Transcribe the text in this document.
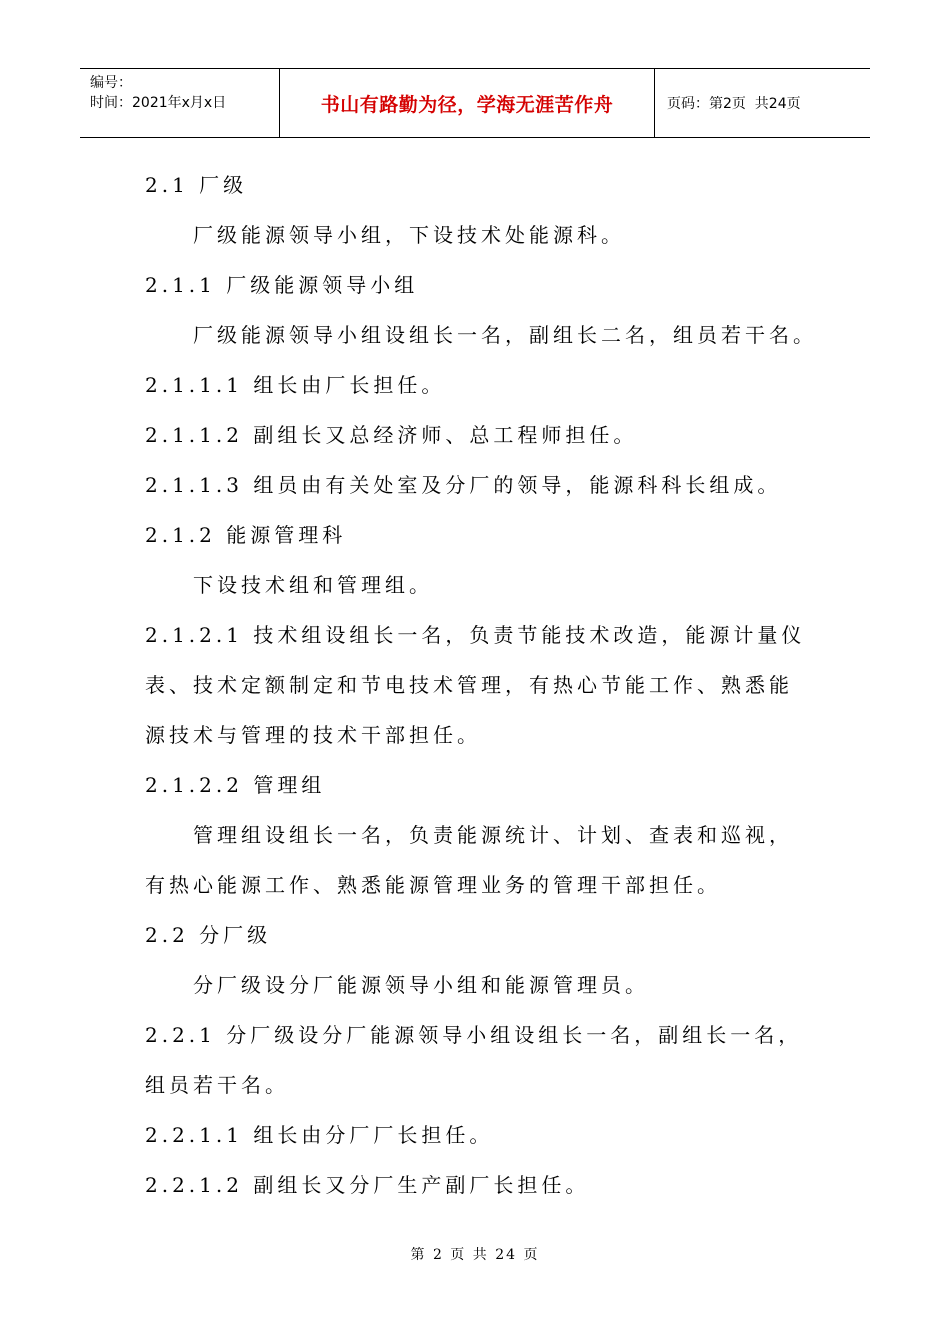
编号：
时间：2021年x月x日	书山有路勤为径，学海无涯苦作舟	页码：第2页  共24页
2.1 厂级
厂级能源领导小组，下设技术处能源科。
2.1.1 厂级能源领导小组
厂级能源领导小组设组长一名，副组长二名，组员若干名。
2.1.1.1 组长由厂长担任。
2.1.1.2 副组长又总经济师、总工程师担任。
2.1.1.3 组员由有关处室及分厂的领导，能源科科长组成。
2.1.2 能源管理科
下设技术组和管理组。
2.1.2.1 技术组设组长一名，负责节能技术改造，能源计量仪
表、技术定额制定和节电技术管理，有热心节能工作、熟悉能
源技术与管理的技术干部担任。
2.1.2.2 管理组
管理组设组长一名，负责能源统计、计划、查表和巡视，
有热心能源工作、熟悉能源管理业务的管理干部担任。
2.2 分厂级
分厂级设分厂能源领导小组和能源管理员。
2.2.1 分厂级设分厂能源领导小组设组长一名，副组长一名，
组员若干名。
2.2.1.1 组长由分厂厂长担任。
2.2.1.2 副组长又分厂生产副厂长担任。
第 2 页 共 24 页
